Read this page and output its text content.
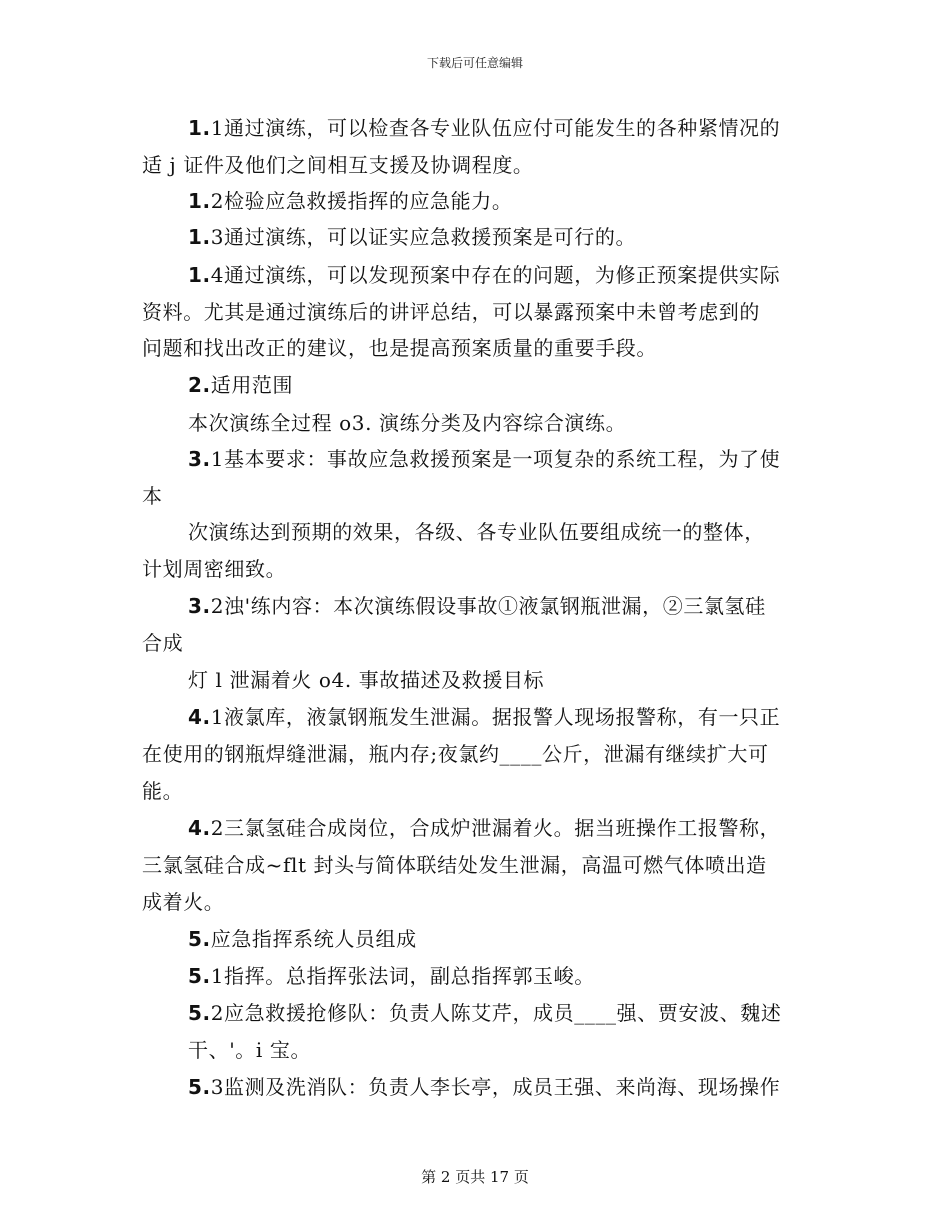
下载后可任意编辑
1.1通过演练，可以检查各专业队伍应付可能发生的各种紧情况的
适 j 证件及他们之间相互支援及协调程度。
1.2检验应急救援指挥的应急能力。
1.3通过演练，可以证实应急救援预案是可行的。
1.4通过演练，可以发现预案中存在的问题，为修正预案提供实际
资料。尤其是通过演练后的讲评总结，可以暴露预案中未曾考虑到的
问题和找出改正的建议，也是提高预案质量的重要手段。
2.适用范围
本次演练全过程 o3. 演练分类及内容综合演练。
3.1基本要求：事故应急救援预案是一项复杂的系统工程，为了使
本
次演练达到预期的效果，各级、各专业队伍要组成统一的整体，
计划周密细致。
3.2浊'练内容：本次演练假设事故①液氯钢瓶泄漏，②三氯氢硅
合成
灯 l 泄漏着火 o4. 事故描述及救援目标
4.1液氯库，液氯钢瓶发生泄漏。据报警人现场报警称，有一只正
在使用的钢瓶焊缝泄漏，瓶内存;夜氯约____公斤，泄漏有继续扩大可
能。
4.2三氯氢硅合成岗位，合成炉泄漏着火。据当班操作工报警称，
三氯氢硅合成~flt 封头与简体联结处发生泄漏，高温可燃气体喷出造
成着火。
5.应急指挥系统人员组成
5.1指挥。总指挥张法词，副总指挥郭玉峻。
5.2应急救援抢修队：负责人陈艾芹，成员____强、贾安波、魏述
干、'。i 宝。
5.3监测及洗消队：负责人李长亭，成员王强、来尚海、现场操作
第 2 页共 17 页
